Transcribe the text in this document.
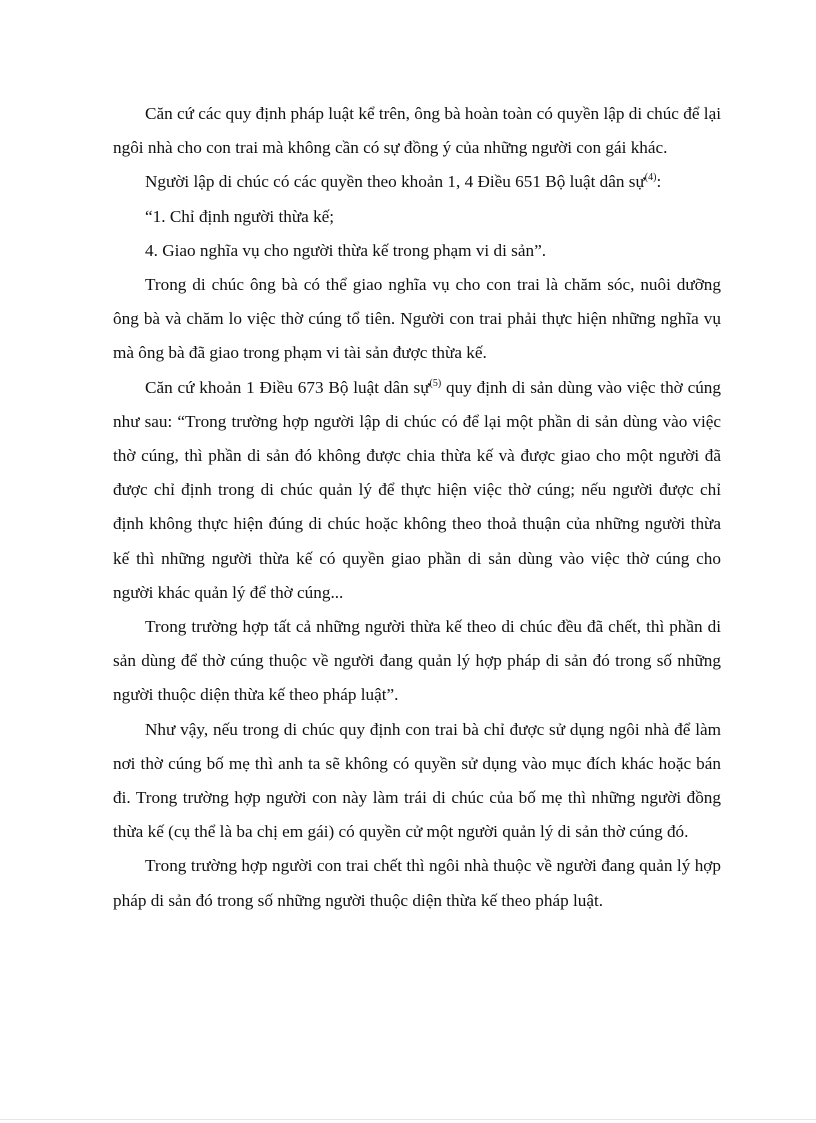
Căn cứ các quy định pháp luật kể trên, ông bà hoàn toàn có quyền lập di chúc để lại ngôi nhà cho con trai mà không cần có sự đồng ý của những người con gái khác.

Người lập di chúc có các quyền theo khoản 1, 4 Điều 651 Bộ luật dân sự$^{(4)}$:

“1. Chỉ định người thừa kế;

4. Giao nghĩa vụ cho người thừa kế trong phạm vi di sản”.

Trong di chúc ông bà có thể giao nghĩa vụ cho con trai là chăm sóc, nuôi dưỡng ông bà và chăm lo việc thờ cúng tổ tiên. Người con trai phải thực hiện những nghĩa vụ mà ông bà đã giao trong phạm vi tài sản được thừa kế.

Căn cứ khoản 1 Điều 673 Bộ luật dân sự$^{(5)}$ quy định di sản dùng vào việc thờ cúng như sau: “Trong trường hợp người lập di chúc có để lại một phần di sản dùng vào việc thờ cúng, thì phần di sản đó không được chia thừa kế và được giao cho một người đã được chỉ định trong di chúc quản lý để thực hiện việc thờ cúng; nếu người được chỉ định không thực hiện đúng di chúc hoặc không theo thoả thuận của những người thừa kế thì những người thừa kế có quyền giao phần di sản dùng vào việc thờ cúng cho người khác quản lý để thờ cúng...

Trong trường hợp tất cả những người thừa kế theo di chúc đều đã chết, thì phần di sản dùng để thờ cúng thuộc về người đang quản lý hợp pháp di sản đó trong số những người thuộc diện thừa kế theo pháp luật”.

Như vậy, nếu trong di chúc quy định con trai bà chỉ được sử dụng ngôi nhà để làm nơi thờ cúng bố mẹ thì anh ta sẽ không có quyền sử dụng vào mục đích khác hoặc bán đi. Trong trường hợp người con này làm trái di chúc của bố mẹ thì những người đồng thừa kế (cụ thể là ba chị em gái) có quyền cử một người quản lý di sản thờ cúng đó.

Trong trường hợp người con trai chết thì ngôi nhà thuộc về người đang quản lý hợp pháp di sản đó trong số những người thuộc diện thừa kế theo pháp luật.
